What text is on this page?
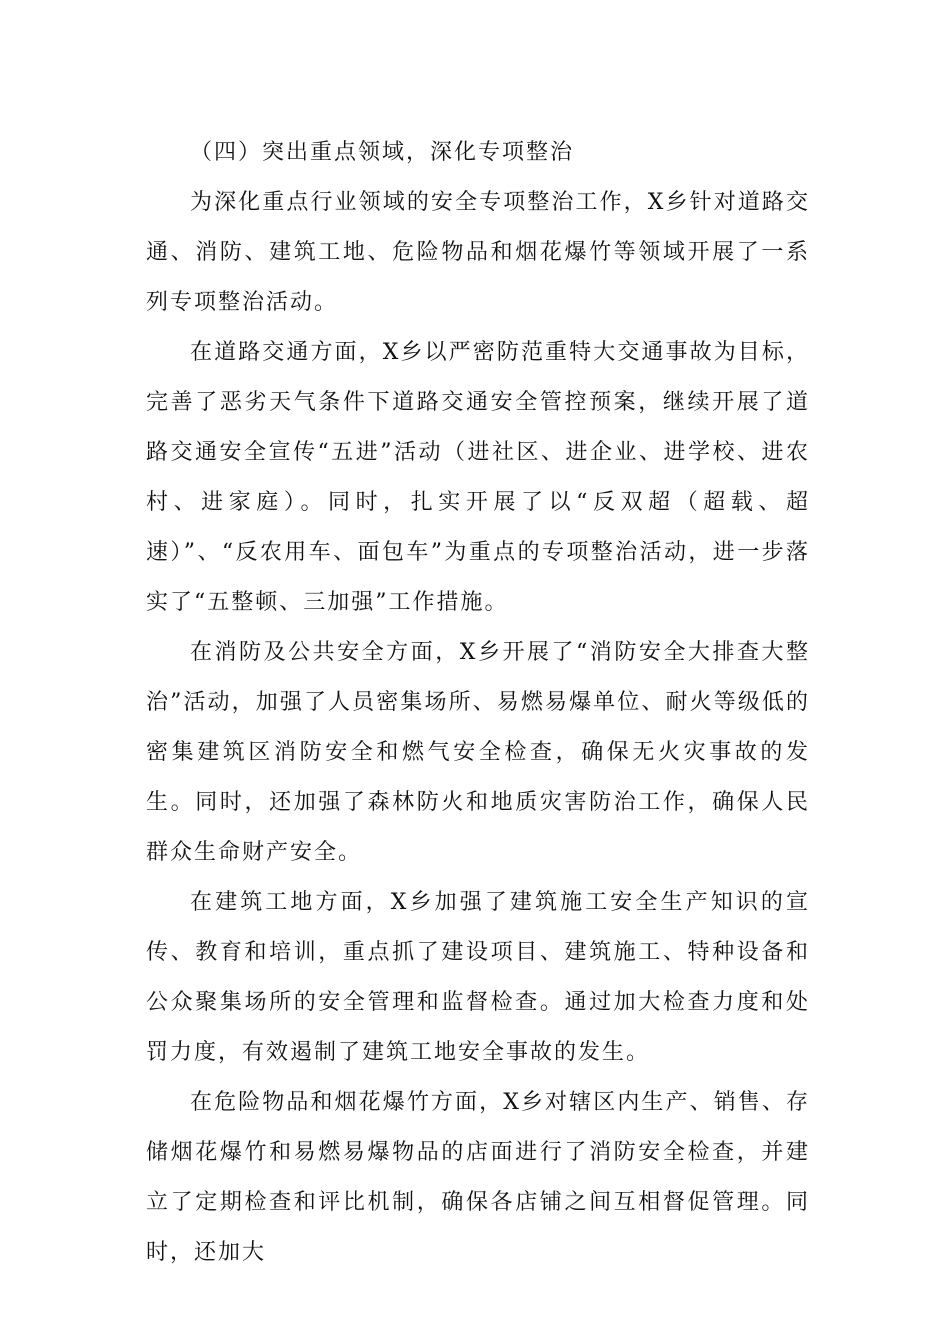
（四）突出重点领域，深化专项整治

为深化重点行业领域的安全专项整治工作，X乡针对道路交通、消防、建筑工地、危险物品和烟花爆竹等领域开展了一系列专项整治活动。

在道路交通方面，X乡以严密防范重特大交通事故为目标，完善了恶劣天气条件下道路交通安全管控预案，继续开展了道路交通安全宣传“五进”活动（进社区、进企业、进学校、进农村、进家庭）。同时，扎实开展了以“反双超（超载、超速）”、“反农用车、面包车”为重点的专项整治活动，进一步落实了“五整顿、三加强”工作措施。

在消防及公共安全方面，X乡开展了“消防安全大排查大整治”活动，加强了人员密集场所、易燃易爆单位、耐火等级低的密集建筑区消防安全和燃气安全检查，确保无火灾事故的发生。同时，还加强了森林防火和地质灾害防治工作，确保人民群众生命财产安全。

在建筑工地方面，X乡加强了建筑施工安全生产知识的宣传、教育和培训，重点抓了建设项目、建筑施工、特种设备和公众聚集场所的安全管理和监督检查。通过加大检查力度和处罚力度，有效遏制了建筑工地安全事故的发生。

在危险物品和烟花爆竹方面，X乡对辖区内生产、销售、存储烟花爆竹和易燃易爆物品的店面进行了消防安全检查，并建立了定期检查和评比机制，确保各店铺之间互相督促管理。同时，还加大
